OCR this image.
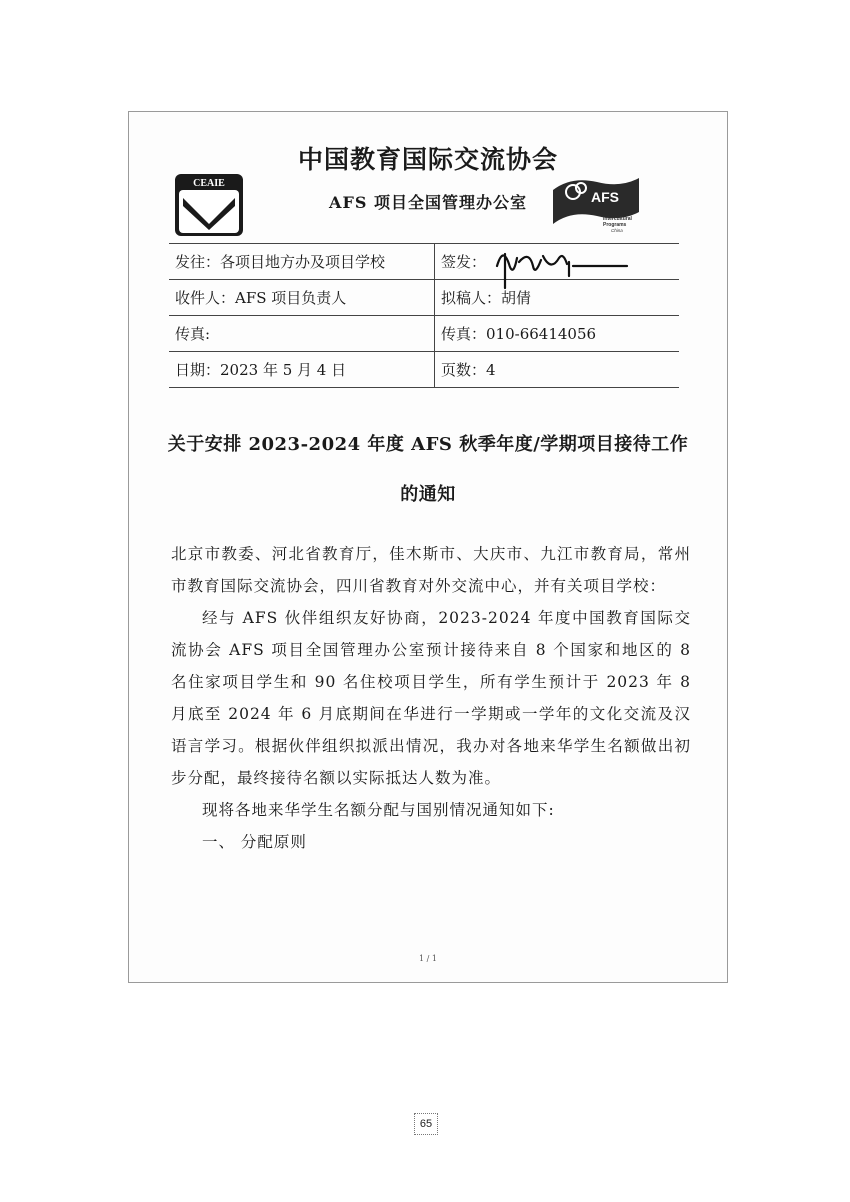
CEAIE
中国教育国际交流协会
AFS 项目全国管理办公室	AFS
Intercultural
Programs
China
发往：各项目地方办及项目学校	签发：

收件人：AFS 项目负责人	拟稿人：胡倩
传真:	传真：010-66414056
日期：2023 年 5 月 4 日	页数：4
关于安排 2023-2024 年度 AFS 秋季年度/学期项目接待工作
的通知

北京市教委、河北省教育厅，佳木斯市、大庆市、九江市教育局，常州市教育国际交流协会，四川省教育对外交流中心，并有关项目学校：

经与 AFS 伙伴组织友好协商，2023-2024 年度中国教育国际交流协会 AFS 项目全国管理办公室预计接待来自 8 个国家和地区的 8 名住家项目学生和 90 名住校项目学生，所有学生预计于 2023 年 8 月底至 2024 年 6 月底期间在华进行一学期或一学年的文化交流及汉语言学习。根据伙伴组织拟派出情况，我办对各地来华学生名额做出初步分配，最终接待名额以实际抵达人数为准。

现将各地来华学生名额分配与国别情况通知如下:

一、 分配原则

1 / 1
65
